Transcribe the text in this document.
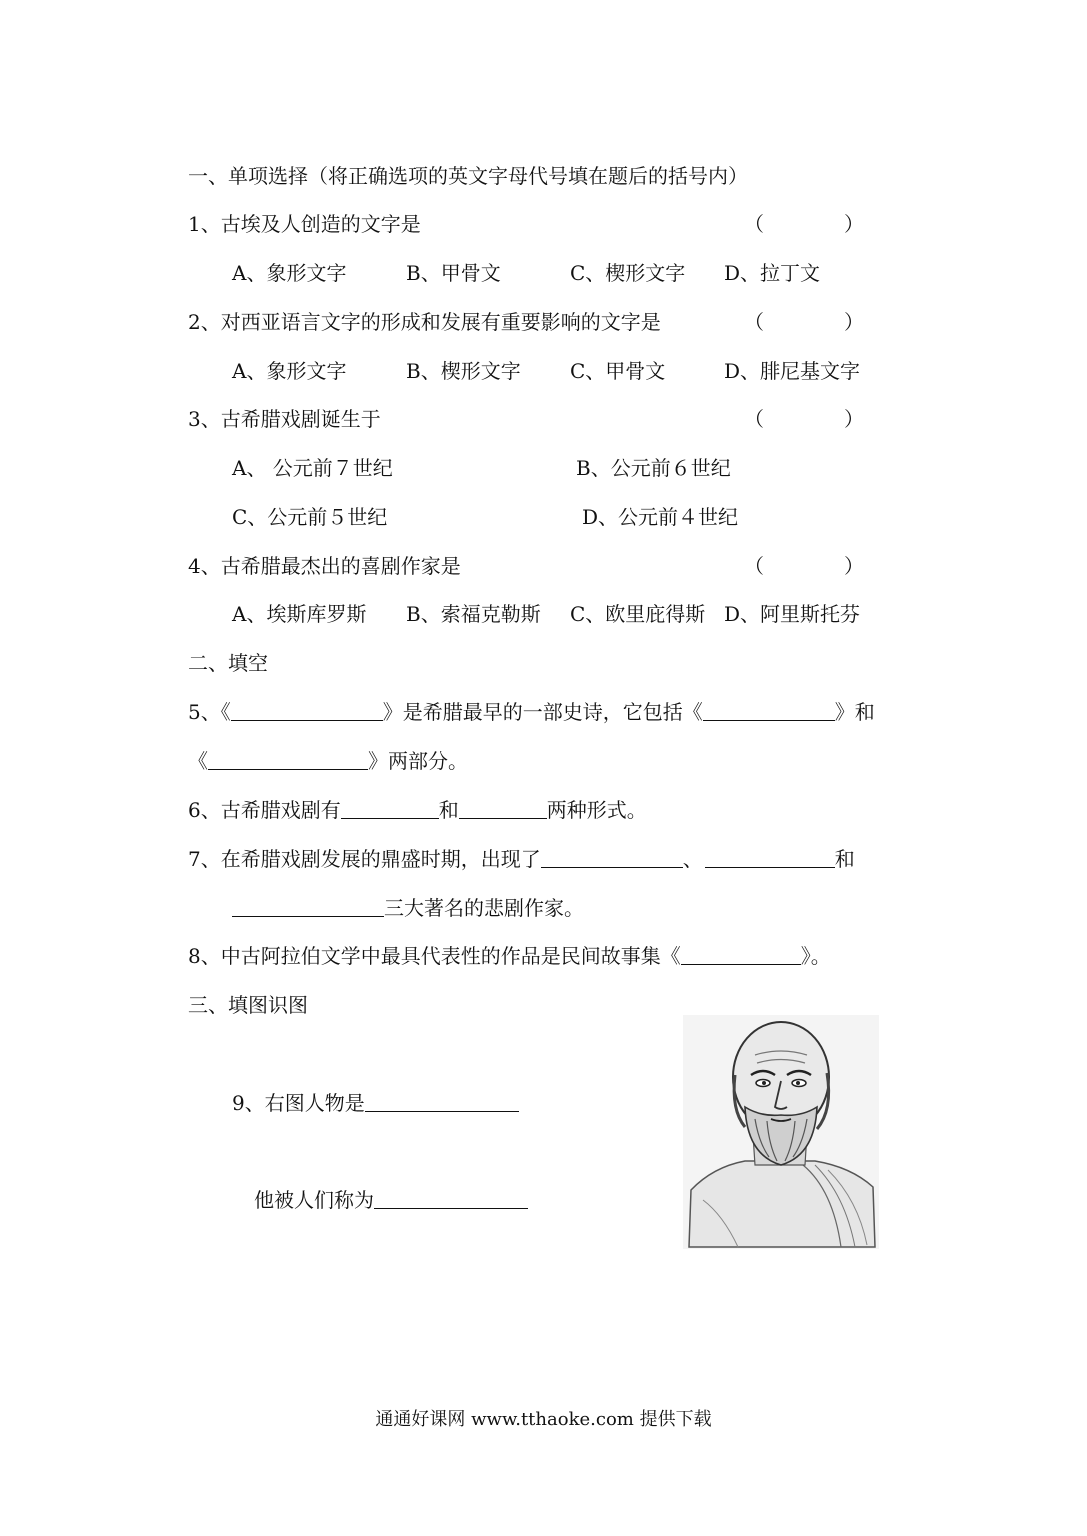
一、单项选择（将正确选项的英文字母代号填在题后的括号内）
1、古埃及人创造的文字是	（　　　　）
A、象形文字	B、甲骨文	C、楔形文字 D、拉丁文
2、对西亚语言文字的形成和发展有重要影响的文字是	（　　　　）
A、象形文字	B、楔形文字 C、甲骨文	D、腓尼基文字
3、古希腊戏剧诞生于	（　　　　）
A、 公元前７世纪	B、公元前６世纪
C、公元前５世纪	D、公元前４世纪
4、古希腊最杰出的喜剧作家是	（　　　　）
A、埃斯库罗斯 B、索福克勒斯 C、欧里庇得斯 D、阿里斯托芬
二、填空
5、《	》是希腊最早的一部史诗，它包括《	》和
《	》两部分。
6、古希腊戏剧有	和	两种形式。
7、在希腊戏剧发展的鼎盛时期，出现了	、	和
三大著名的悲剧作家。
8、中古阿拉伯文学中最具代表性的作品是民间故事集《	》。
三、填图识图
9、右图人物是
他被人们称为
通通好课网 www.tthaoke.com 提供下载
